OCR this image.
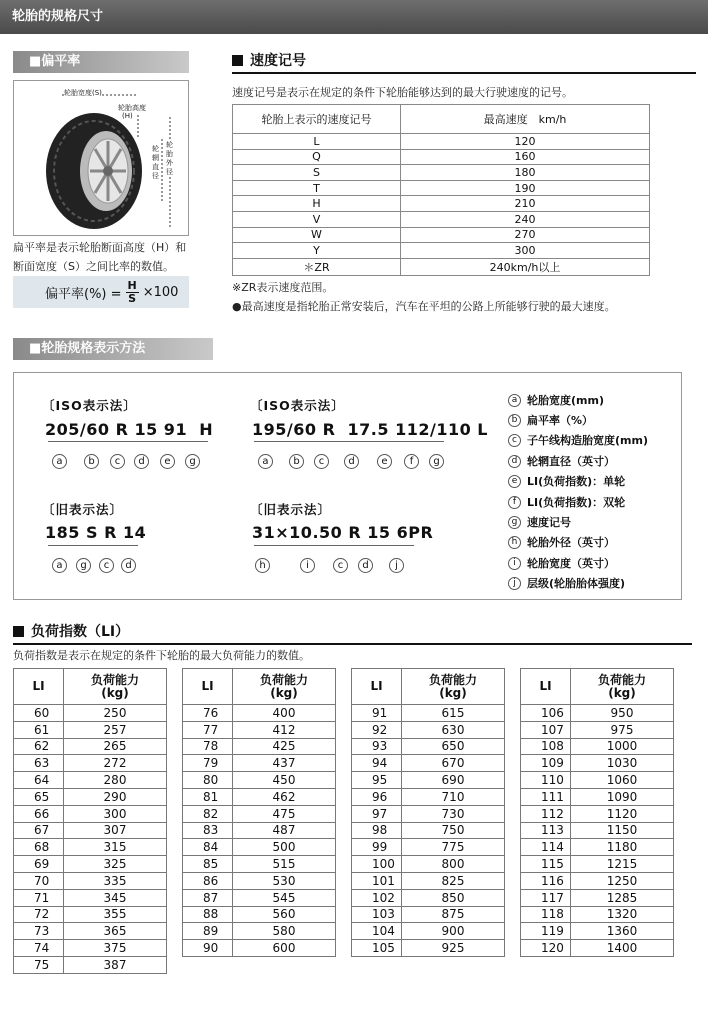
轮胎的规格尺寸
■偏平率
轮胎宽度(S)
轮胎高度
(H)
轮胎外径
轮辋直径
扁平率是表示轮胎断面高度（H）和
断面宽度（S）之间比率的数值。
偏平率(%) = $\frac{H}{S} \times 100$
速度记号
速度记号是表示在规定的条件下轮胎能够达到的最大行驶速度的记号。
轮胎上表示的速度记号	最高速度　km/h
L	120
Q	160
S	180
T	190
H	210
V	240
W	270
Y	300
＊ZR	240km/h以上
※ZR表示速度范围。
●最高速度是指轮胎正常安装后，汽车在平坦的公路上所能够行驶的最大速度。
■轮胎规格表示方法
〔ISO表示法〕
205/60 R 15 91  H
〔ISO表示法〕
195/60 R  17.5 112/110 L
〔旧表示法〕
185 S R 14
〔旧表示法〕
31×10.50 R 15 6PR
a	b	c	d	e	g	a	b	c	d	e	f	g
a	g	c	d	h	i	c	d	j
a 轮胎宽度(mm)
b 扁平率（%）
c 子午线构造胎宽度(mm)
d 轮辋直径（英寸）
e LI(负荷指数)：单轮
f LI(负荷指数)：双轮
g 速度记号
h 轮胎外径（英寸）
i	轮胎宽度（英寸）
j	层级(轮胎胎体强度)
负荷指数（LI）
负荷指数是表示在规定的条件下轮胎的最大负荷能力的数值。
LI	负荷能力
(kg)
60	250
61	257
62	265
63	272
64	280
65	290
66	300
67	307
68	315
69	325
70	335
71	345
72	355
73	365
74	375
75	387
LI	负荷能力
(kg)
76	400
77	412
78	425
79	437
80	450
81	462
82	475
83	487
84	500
85	515
86	530
87	545
88	560
89	580
90	600
LI	负荷能力
(kg)
91	615
92	630
93	650
94	670
95	690
96	710
97	730
98	750
99	775
100	800
101	825
102	850
103	875
104	900
105	925
LI	负荷能力
(kg)
106	950
107	975
108	1000
109	1030
110	1060
111	1090
112	1120
113	1150
114	1180
115	1215
116	1250
117	1285
118	1320
119	1360
120	1400
